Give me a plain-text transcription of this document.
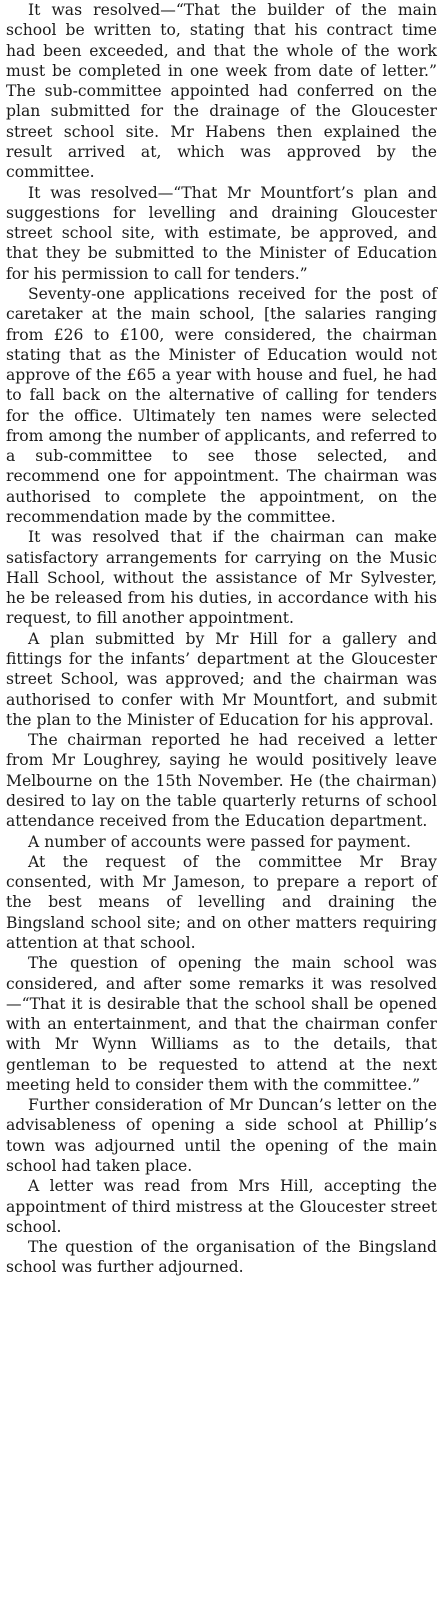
It was resolved—“That the builder of the main school be written to, stating that his contract time had been exceeded, and that the whole of the work must be completed in one week from date of letter.” The sub-committee appointed had conferred on the plan submitted for the drainage of the Gloucester street school site. Mr Habens then explained the result arrived at, which was approved by the committee.

It was resolved—“That Mr Mountfort’s plan and suggestions for levelling and draining Gloucester street school site, with estimate, be approved, and that they be submitted to the Minister of Education for his permission to call for tenders.”

Seventy-one applications received for the post of caretaker at the main school, [the salaries ranging from £26 to £100, were considered, the chairman stating that as the Minister of Education would not approve of the £65 a year with house and fuel, he had to fall back on the alternative of calling for tenders for the office. Ultimately ten names were selected from among the number of applicants, and referred to a sub-committee to see those selected, and recommend one for appointment. The chairman was authorised to complete the appointment, on the recommendation made by the committee.

It was resolved that if the chairman can make satisfactory arrangements for carrying on the Music Hall School, without the assistance of Mr Sylvester, he be released from his duties, in accordance with his request, to fill another appointment.

A plan submitted by Mr Hill for a gallery and fittings for the infants’ department at the Gloucester street School, was approved; and the chairman was authorised to confer with Mr Mountfort, and submit the plan to the Minister of Education for his approval.

The chairman reported he had received a letter from Mr Loughrey, saying he would positively leave Melbourne on the 15th November. He (the chairman) desired to lay on the table quarterly returns of school attendance received from the Education department.

A number of accounts were passed for payment.

At the request of the committee Mr Bray consented, with Mr Jameson, to prepare a report of the best means of levelling and draining the Bingsland school site; and on other matters requiring attention at that school.

The question of opening the main school was considered, and after some remarks it was resolved—“That it is desirable that the school shall be opened with an entertainment, and that the chairman confer with Mr Wynn Williams as to the details, that gentleman to be requested to attend at the next meeting held to consider them with the committee.”

Further consideration of Mr Duncan’s letter on the advisableness of opening a side school at Phillip’s town was adjourned until the opening of the main school had taken place.

A letter was read from Mrs Hill, accepting the appointment of third mistress at the Gloucester street school.

The question of the organisation of the Bingsland school was further adjourned.
